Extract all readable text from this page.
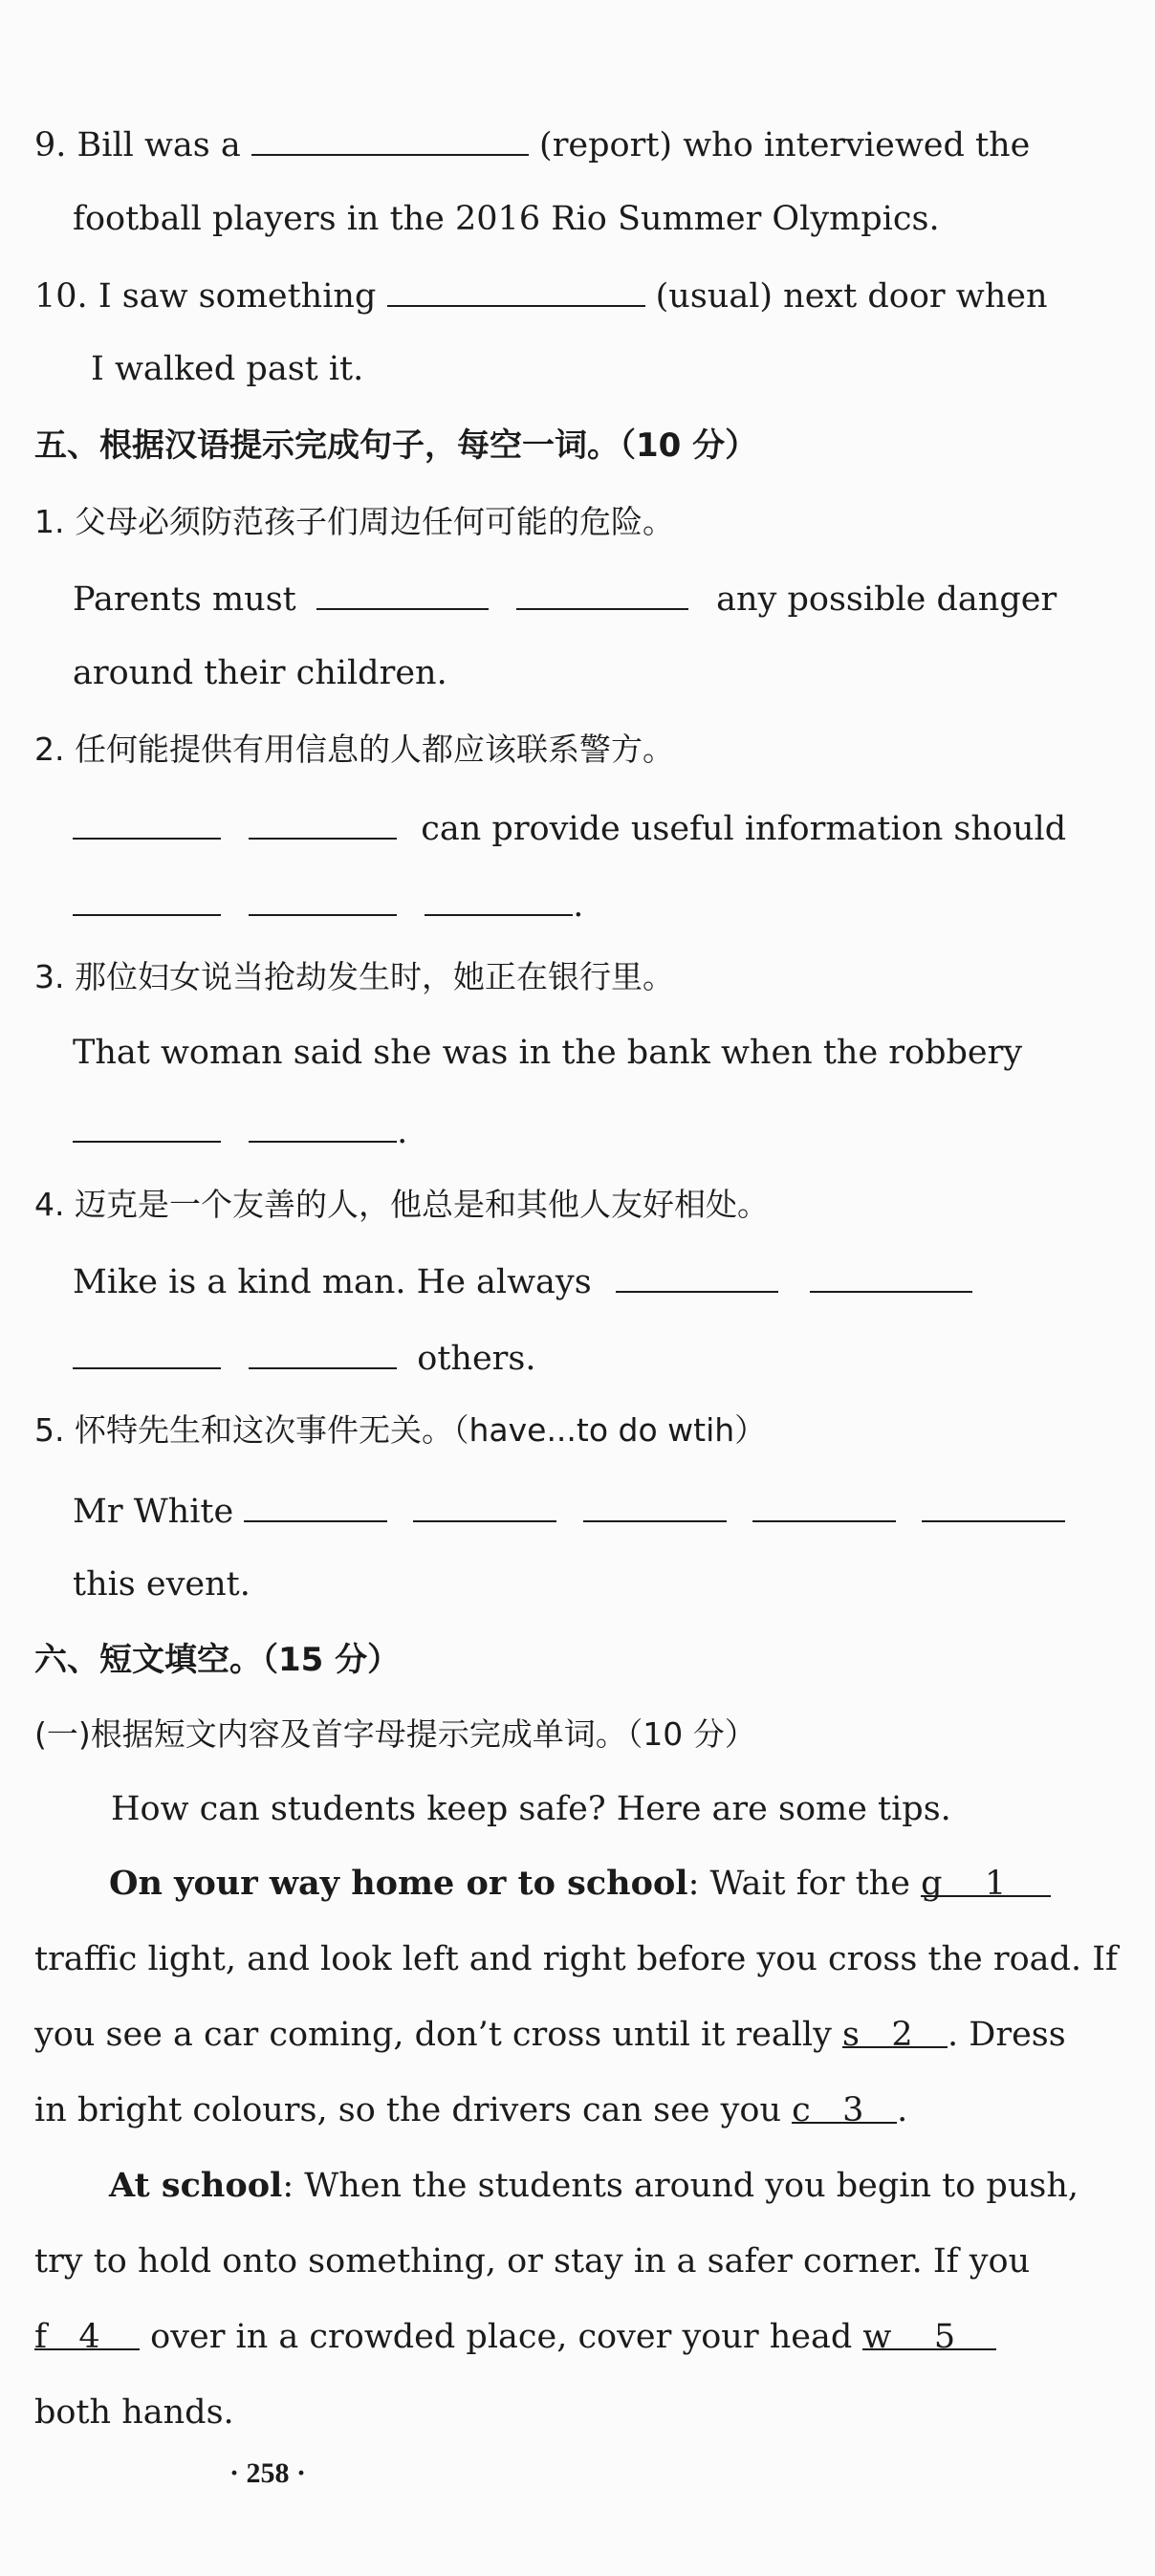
9. Bill was a	(report) who interviewed the
football players in the 2016 Rio Summer Olympics.
10. I saw something	(usual) next door when
I walked past it.
五、根据汉语提示完成句子，每空一词。（10 分）
1. 父母必须防范孩子们周边任何可能的危险。
Parents must	any possible danger
around their children.
2. 任何能提供有用信息的人都应该联系警方。
can provide useful information should
.
3. 那位妇女说当抢劫发生时，她正在银行里。
That woman said she was in the bank when the robbery
.
4. 迈克是一个友善的人，他总是和其他人友好相处。
Mike is a kind man. He always
others.
5. 怀特先生和这次事件无关。（have...to do wtih）
Mr White
this event.
六、短文填空。（15 分）
(一)根据短文内容及首字母提示完成单词。（10 分）
How can students keep safe? Here are some tips.
On your way home or to school: Wait for the g 1
traffic light, and look left and right before you cross the road. If
you see a car coming, don’t cross until it really s 2 . Dress
in bright colours, so the drivers can see you c 3 .
At school: When the students around you begin to push,
try to hold onto something, or stay in a safer corner. If you
f 4 over in a crowded place, cover your head w 5
both hands.
· 258 ·
